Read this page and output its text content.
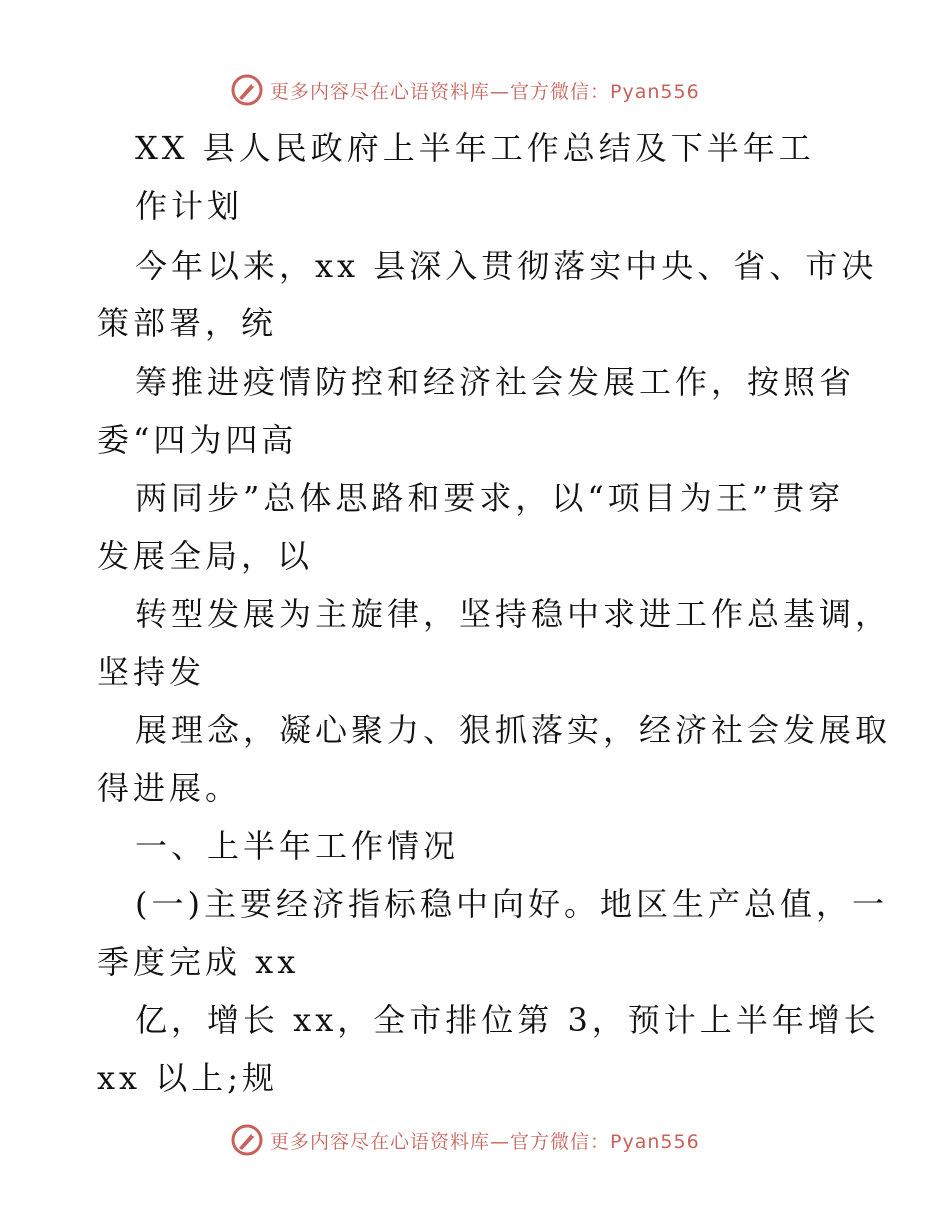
更多内容尽在心语资料库—官方微信：Pyan556
XX 县人民政府上半年工作总结及下半年工
作计划
今年以来，xx 县深入贯彻落实中央、省、市决
策部署，统
筹推进疫情防控和经济社会发展工作，按照省
委“四为四高
两同步”总体思路和要求，以“项目为王”贯穿
发展全局，以
转型发展为主旋律，坚持稳中求进工作总基调，
坚持发
展理念，凝心聚力、狠抓落实，经济社会发展取
得进展。
一、上半年工作情况
(一)主要经济指标稳中向好。地区生产总值，一
季度完成 xx
亿，增长 xx，全市排位第 3，预计上半年增长
xx 以上;规
更多内容尽在心语资料库—官方微信：Pyan556
